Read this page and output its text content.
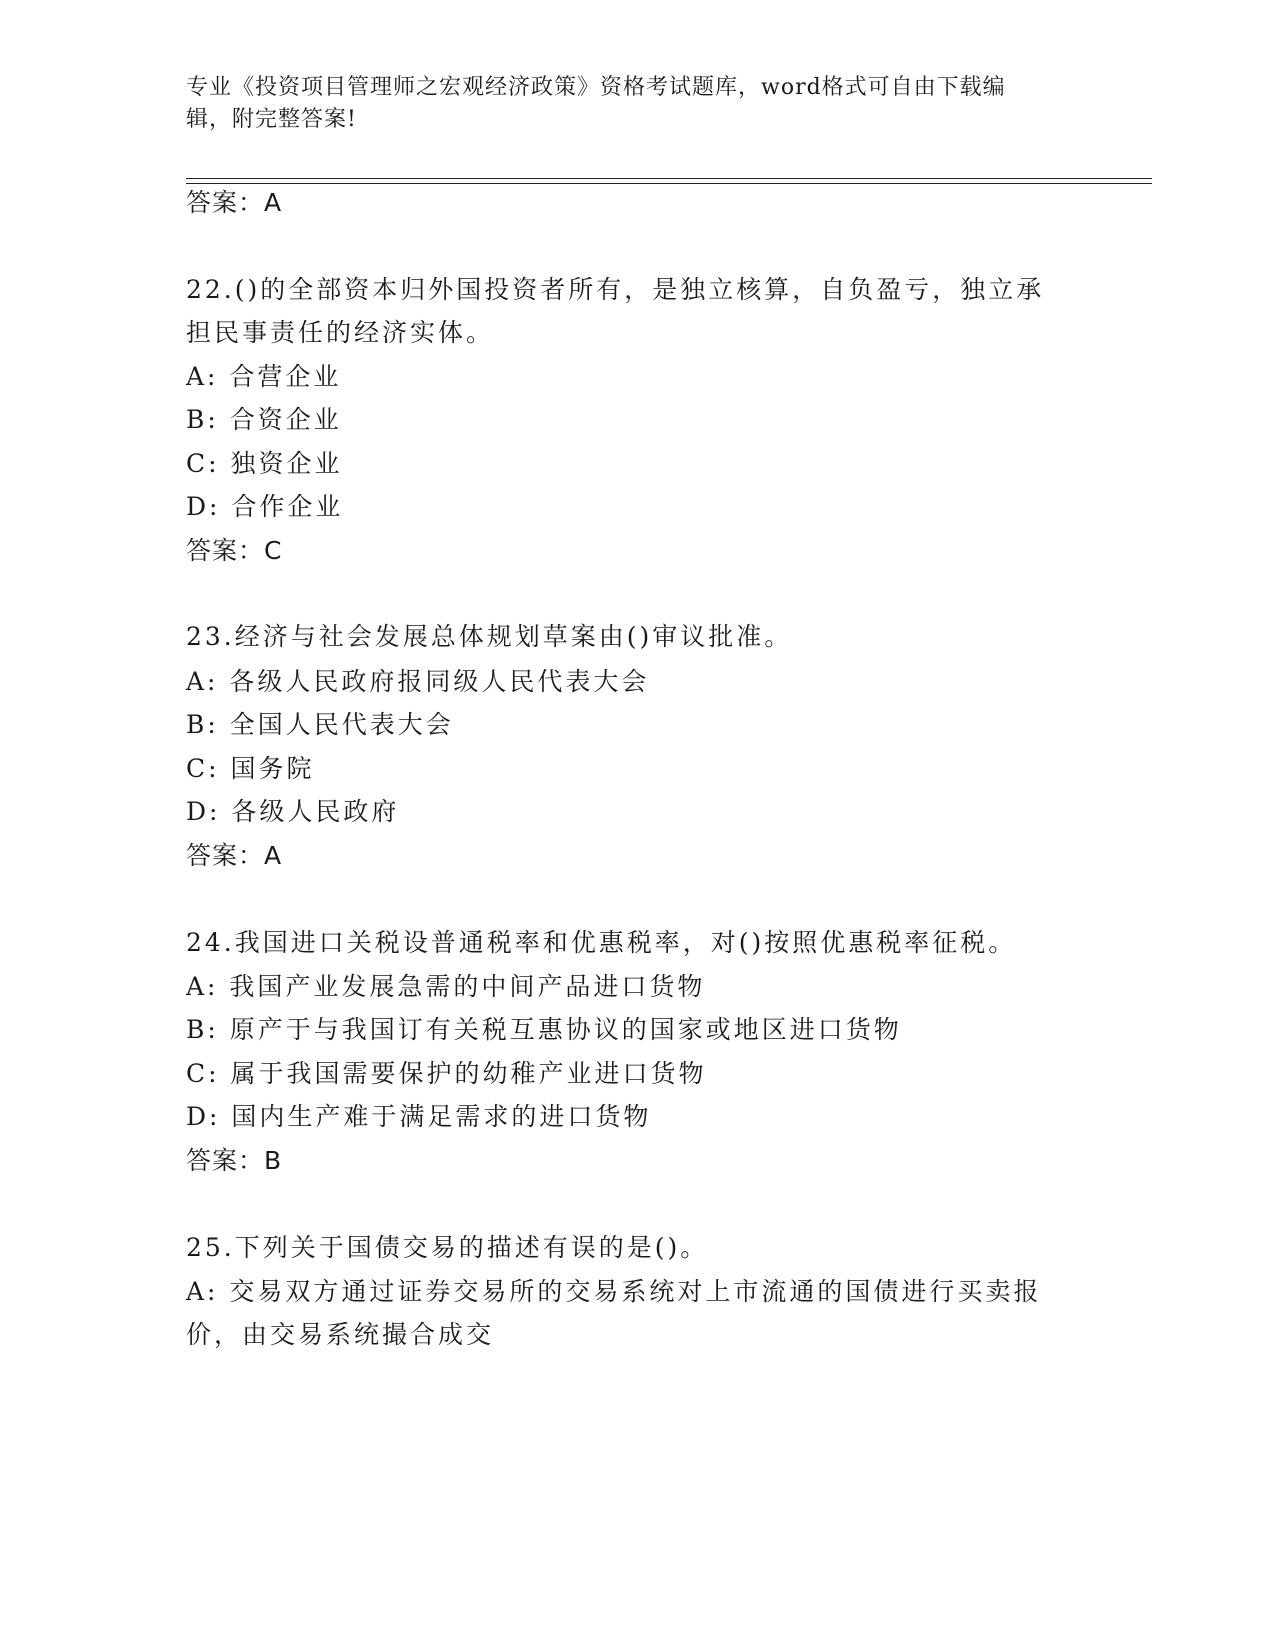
专业《投资项目管理师之宏观经济政策》资格考试题库，word格式可自由下载编
辑，附完整答案!
答案：A
22.()的全部资本归外国投资者所有，是独立核算，自负盈亏，独立承
担民事责任的经济实体。
A: 合营企业
B: 合资企业
C: 独资企业
D: 合作企业
答案：C
23.经济与社会发展总体规划草案由()审议批准。
A: 各级人民政府报同级人民代表大会
B: 全国人民代表大会
C: 国务院
D: 各级人民政府
答案：A
24.我国进口关税设普通税率和优惠税率，对()按照优惠税率征税。
A: 我国产业发展急需的中间产品进口货物
B: 原产于与我国订有关税互惠协议的国家或地区进口货物
C: 属于我国需要保护的幼稚产业进口货物
D: 国内生产难于满足需求的进口货物
答案：B
25.下列关于国债交易的描述有误的是()。
A: 交易双方通过证券交易所的交易系统对上市流通的国债进行买卖报
价，由交易系统撮合成交
